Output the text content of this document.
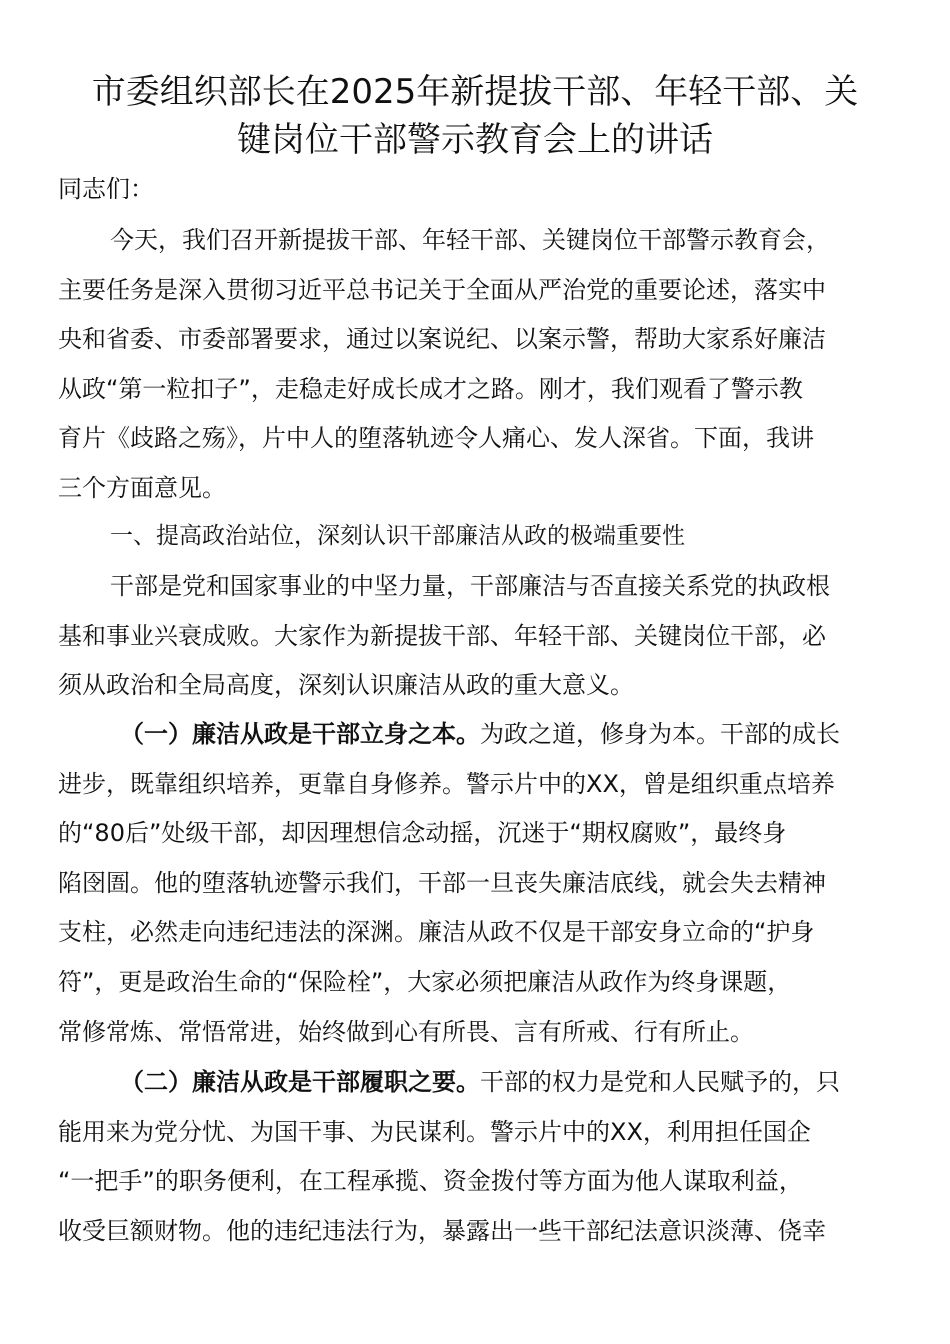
市委组织部长在2025年新提拔干部、年轻干部、关
键岗位干部警示教育会上的讲话

同志们：

今天，我们召开新提拔干部、年轻干部、关键岗位干部警示教育会，
主要任务是深入贯彻习近平总书记关于全面从严治党的重要论述，落实中
央和省委、市委部署要求，通过以案说纪、以案示警，帮助大家系好廉洁
从政“第一粒扣子”，走稳走好成长成才之路。刚才，我们观看了警示教
育片《歧路之殇》，片中人的堕落轨迹令人痛心、发人深省。下面，我讲
三个方面意见。

一、提高政治站位，深刻认识干部廉洁从政的极端重要性

干部是党和国家事业的中坚力量，干部廉洁与否直接关系党的执政根
基和事业兴衰成败。大家作为新提拔干部、年轻干部、关键岗位干部，必
须从政治和全局高度，深刻认识廉洁从政的重大意义。
（一）廉洁从政是干部立身之本。为政之道，修身为本。干部的成长
进步，既靠组织培养，更靠自身修养。警示片中的XX，曾是组织重点培养
的“80后”处级干部，却因理想信念动摇，沉迷于“期权腐败”，最终身
陷囹圄。他的堕落轨迹警示我们，干部一旦丧失廉洁底线，就会失去精神
支柱，必然走向违纪违法的深渊。廉洁从政不仅是干部安身立命的“护身
符”，更是政治生命的“保险栓”，大家必须把廉洁从政作为终身课题，
常修常炼、常悟常进，始终做到心有所畏、言有所戒、行有所止。
（二）廉洁从政是干部履职之要。干部的权力是党和人民赋予的，只
能用来为党分忧、为国干事、为民谋利。警示片中的XX，利用担任国企
“一把手”的职务便利，在工程承揽、资金拨付等方面为他人谋取利益，
收受巨额财物。他的违纪违法行为，暴露出一些干部纪法意识淡薄、侥幸
